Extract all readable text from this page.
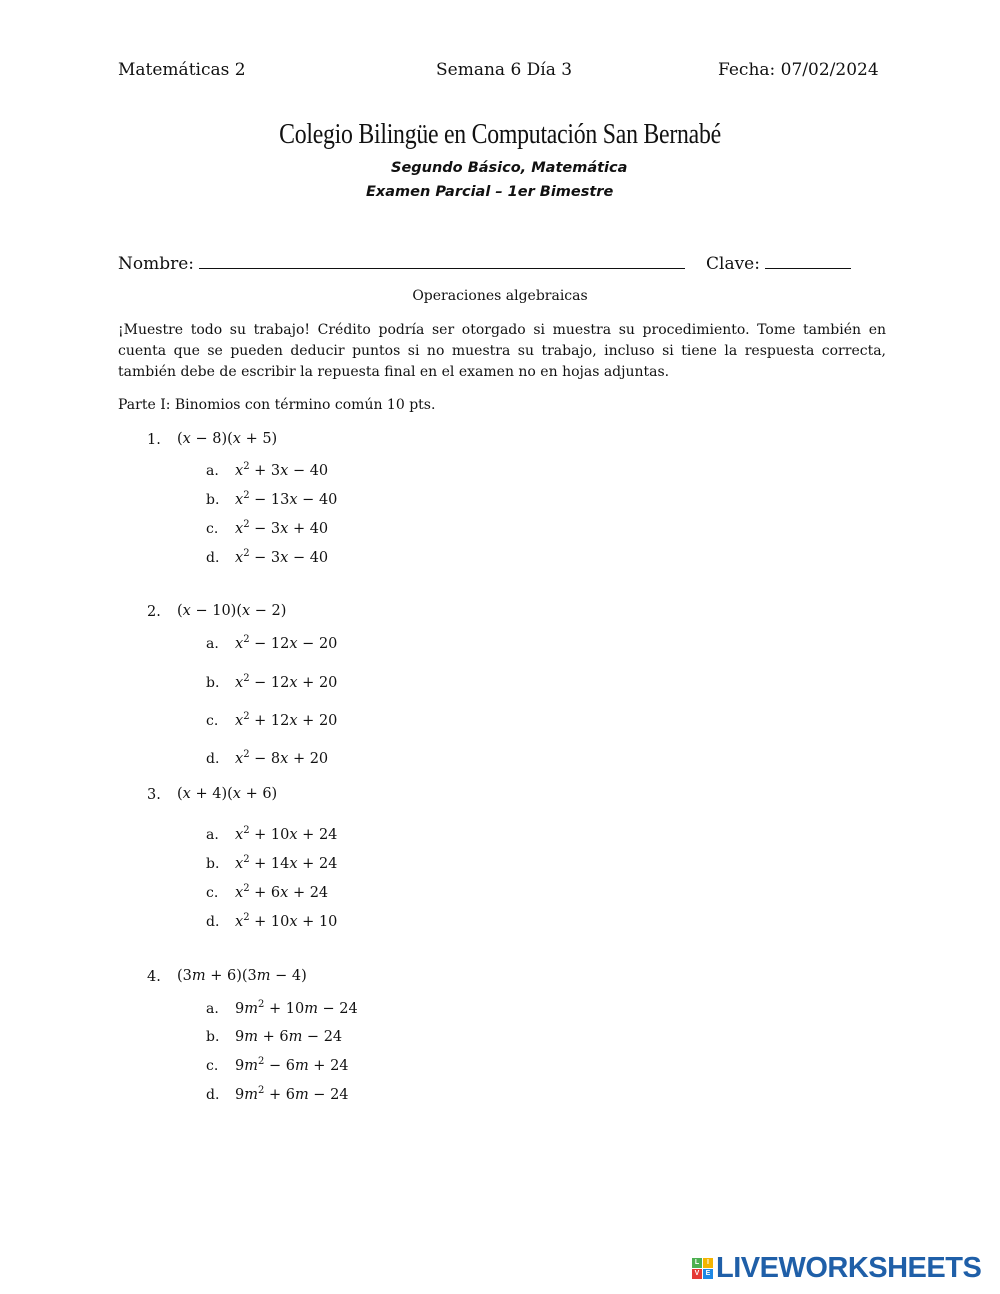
Matemáticas 2	Semana 6 Día 3	Fecha: 07/02/2024
Colegio Bilingüe en Computación San Bernabé
Segundo Básico, Matemática
Examen Parcial – 1er Bimestre
Nombre:	Clave:
Operaciones algebraicas
¡Muestre todo su trabajo! Crédito podría ser otorgado si muestra su procedimiento. Tome también en cuenta que se pueden deducir puntos si no muestra su trabajo, incluso si tiene la respuesta correcta, también debe de escribir la repuesta final en el examen no en hojas adjuntas.
Parte I: Binomios con término común 10 pts.
1. (x − 8)(x + 5)
a. $x^2 + 3x - 40$
b. $x^2 - 13x - 40$
c. $x^2 - 3x + 40$
d. $x^2 - 3x - 40$
2. (x − 10)(x − 2)
a. $x^2 - 12x - 20$
b. $x^2 - 12x + 20$
c. $x^2 + 12x + 20$
d. $x^2 - 8x + 20$
3. (x + 4)(x + 6)
a. $x^2 + 10x + 24$
b. $x^2 + 14x + 24$
c. $x^2 + 6x + 24$
d. $x^2 + 10x + 10$
4. (3m + 6)(3m − 4)
a. $9m^2 + 10m - 24$
b. 9m + 6m − 24
c. $9m^2 - 6m + 24$
d. $9m^2 + 6m - 24$
L	I
V E LIVEWORKSHEETS
